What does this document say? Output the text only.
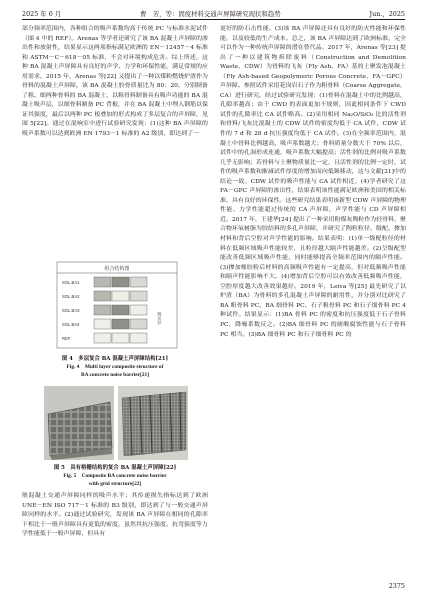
2025 年 6 月	曹　芳，等：固废材料交通声屏障研究现状和趋势	Jun.，2025

部分频率范围内，各种组合的吸声系数均高于传统 PC 与标准水泥试件（图 4 中的 REF）。Arenas 等学者还研究了该 BA 混凝土声屏障的渗出性和放射性，结果显示这两项指标满足欧洲的 EN－12457－4 标准和 ASTM－C－618－05 标准，不会对环境构成危害。综上所述，这种 BA 混凝土声屏障具有良好的声学、力学和环保性能，满足常规的应用需求。2015 年，Arenas 等[22] 又提出了一种以煤粉燃烧炉渣作为骨料的混凝土声屏障，该 BA 混凝土胶骨质量比为 80：20，分别制备了粗、细两种骨料的 BA 混凝土，以粗骨料制备具有吸声功能的 BA 混凝土吸声层，以细骨料制备 PC 背板，并在 BA 混凝土中埋入钢筋以保证其强度，最后以两种 PC 板叠加的形式构成了多层复合的声屏障，见图 5[22]。通过在混响室中进行试验研究发现：(1)这种 BA 声屏障的吸声系数可以达到欧洲 EN 1793－1 标准的 A2 级别，即达到了一

组合结构图
SOL.BA1
SOL.BA2
SOL.BA3
SOL.BA4
REF
吸声层
图 4　多层复合 BA 混凝土声屏障结构[21]
Fig. 4　Multi layer composite structure of
BA concrete noise barrier[21]
图 5　具有格栅结构的复合 BA 混凝土声屏障[22]
Fig. 5　Composite BA concrete noise barrier
with grid structure[22]

般混凝土交通声屏障同样的吸声水平；其传递损失指标达到了欧洲 UNE－EN ISO 717－1 标准的 B3 级别，即达到了与一般交通声屏障同样的水平。(2)通过试验研究，发现该 BA 声屏障在相同的孔隙率下相比于一般声屏障具有更低的密度，虽然其抗压强度、抗弯强度等力学性能低于一般声屏障，但具有

更好的防石击性能。(3)该 BA 声屏障还具有良好的防火性能和环保性能，以及较低的生产成本。总之，该 BA 声屏障达到了欧洲标准，完全可以作为一种传统声屏障的潜在替代品。2017 年，Arenas 等[23] 提出了一种以建筑物拆除废料（Construction and Demolition Waste，CDW）为骨料的飞灰（Fly Ash，FA）基的土聚发泡混凝土（Fly Ash-based Geopolymeric Porous Concrete，FA－GPC）声屏障。参照试件采用花岗岩石子作为粗骨料（Coarse Aggregate，CA）进行研究。经过试验研究发现：(1)骨料在混凝土中的比例越高，孔隙率越高；由于 CWD 的表面更加不规则，因此相同条件下 CWD 试件的孔隙率比 CA 试件略高。(2)采用相同 Na₂O/SiO₂ 比的活性剂和骨料/飞灰比混凝土的 CDW 试件的密度均低于 CA 试件，CDW 试件的 7 d 和 28 d 抗压强度均低于 CA 试件。(3)在全频率范围内，混凝土中骨料比例越高，吸声系数越大；骨料质量分数大于 70% 以后，试件中的孔洞形成连通，吸声系数大幅提高；活性剂的比例对吸声系数几乎无影响；若骨料与土聚物质量比一定，且活性剂的比例一定时，试件的吸声系数和渐减试件厚度的增加而向低频移动，这与文献[21]中的结论一致。CDW 试件的吸声性能与 CA 试件相近。(4)学者研究了这 FA－GPC 声屏障的渗出性，结果表明该性能满足欧洲和美国的相关标准，具有良好的环保性。这些研究结果表明该新型 CDW 声屏障的物理性能、力学性能超过传统的 CA 声屏障，声学性能与 CD 声屏障相近。2017 年，王建华[24] 提出了一种采用粉煤灰陶粒作为轻骨料，聚合物环氧树脂为胶结料的多孔声屏障，并研究了陶粒粒径、级配、掺加材料和背后空腔对声学性能的影响。结果表明：(1)单一级配粒径的材料在低频区域吸声性能较差，且粒径越大隔声性能越差。(2)呈级配型能改善低频区域吸声性能，同时能够提高全频率范围内的隔声性能。(3)掺加橡胶粉后材料的高频吸声性能有一定提高，但对低频吸声性能和隔声性能影响不大。(4)增加背后空腔可以有效改善低频吸声性能，空腔厚度越大改善效果越好。2019 年，Leiva 等[25] 最先研究了以炉渣（BA）为骨料的多孔混凝土声屏障的耐用性，并分别对比研究了 BA 粗骨料 PC、BA 细骨料 PC、石子粗骨料 PC 和石子细骨料 PC 4 种试件。结果显示：(1)BA 骨料 PC 的密度和抗压强度低于石子骨料 PC，降噪系数反之。(2)BA 细骨料 PC 的耐酸腐蚀性能与石子骨料 PC 相当。(3)BA 细骨料 PC 和石子细骨料 PC 的

2375
